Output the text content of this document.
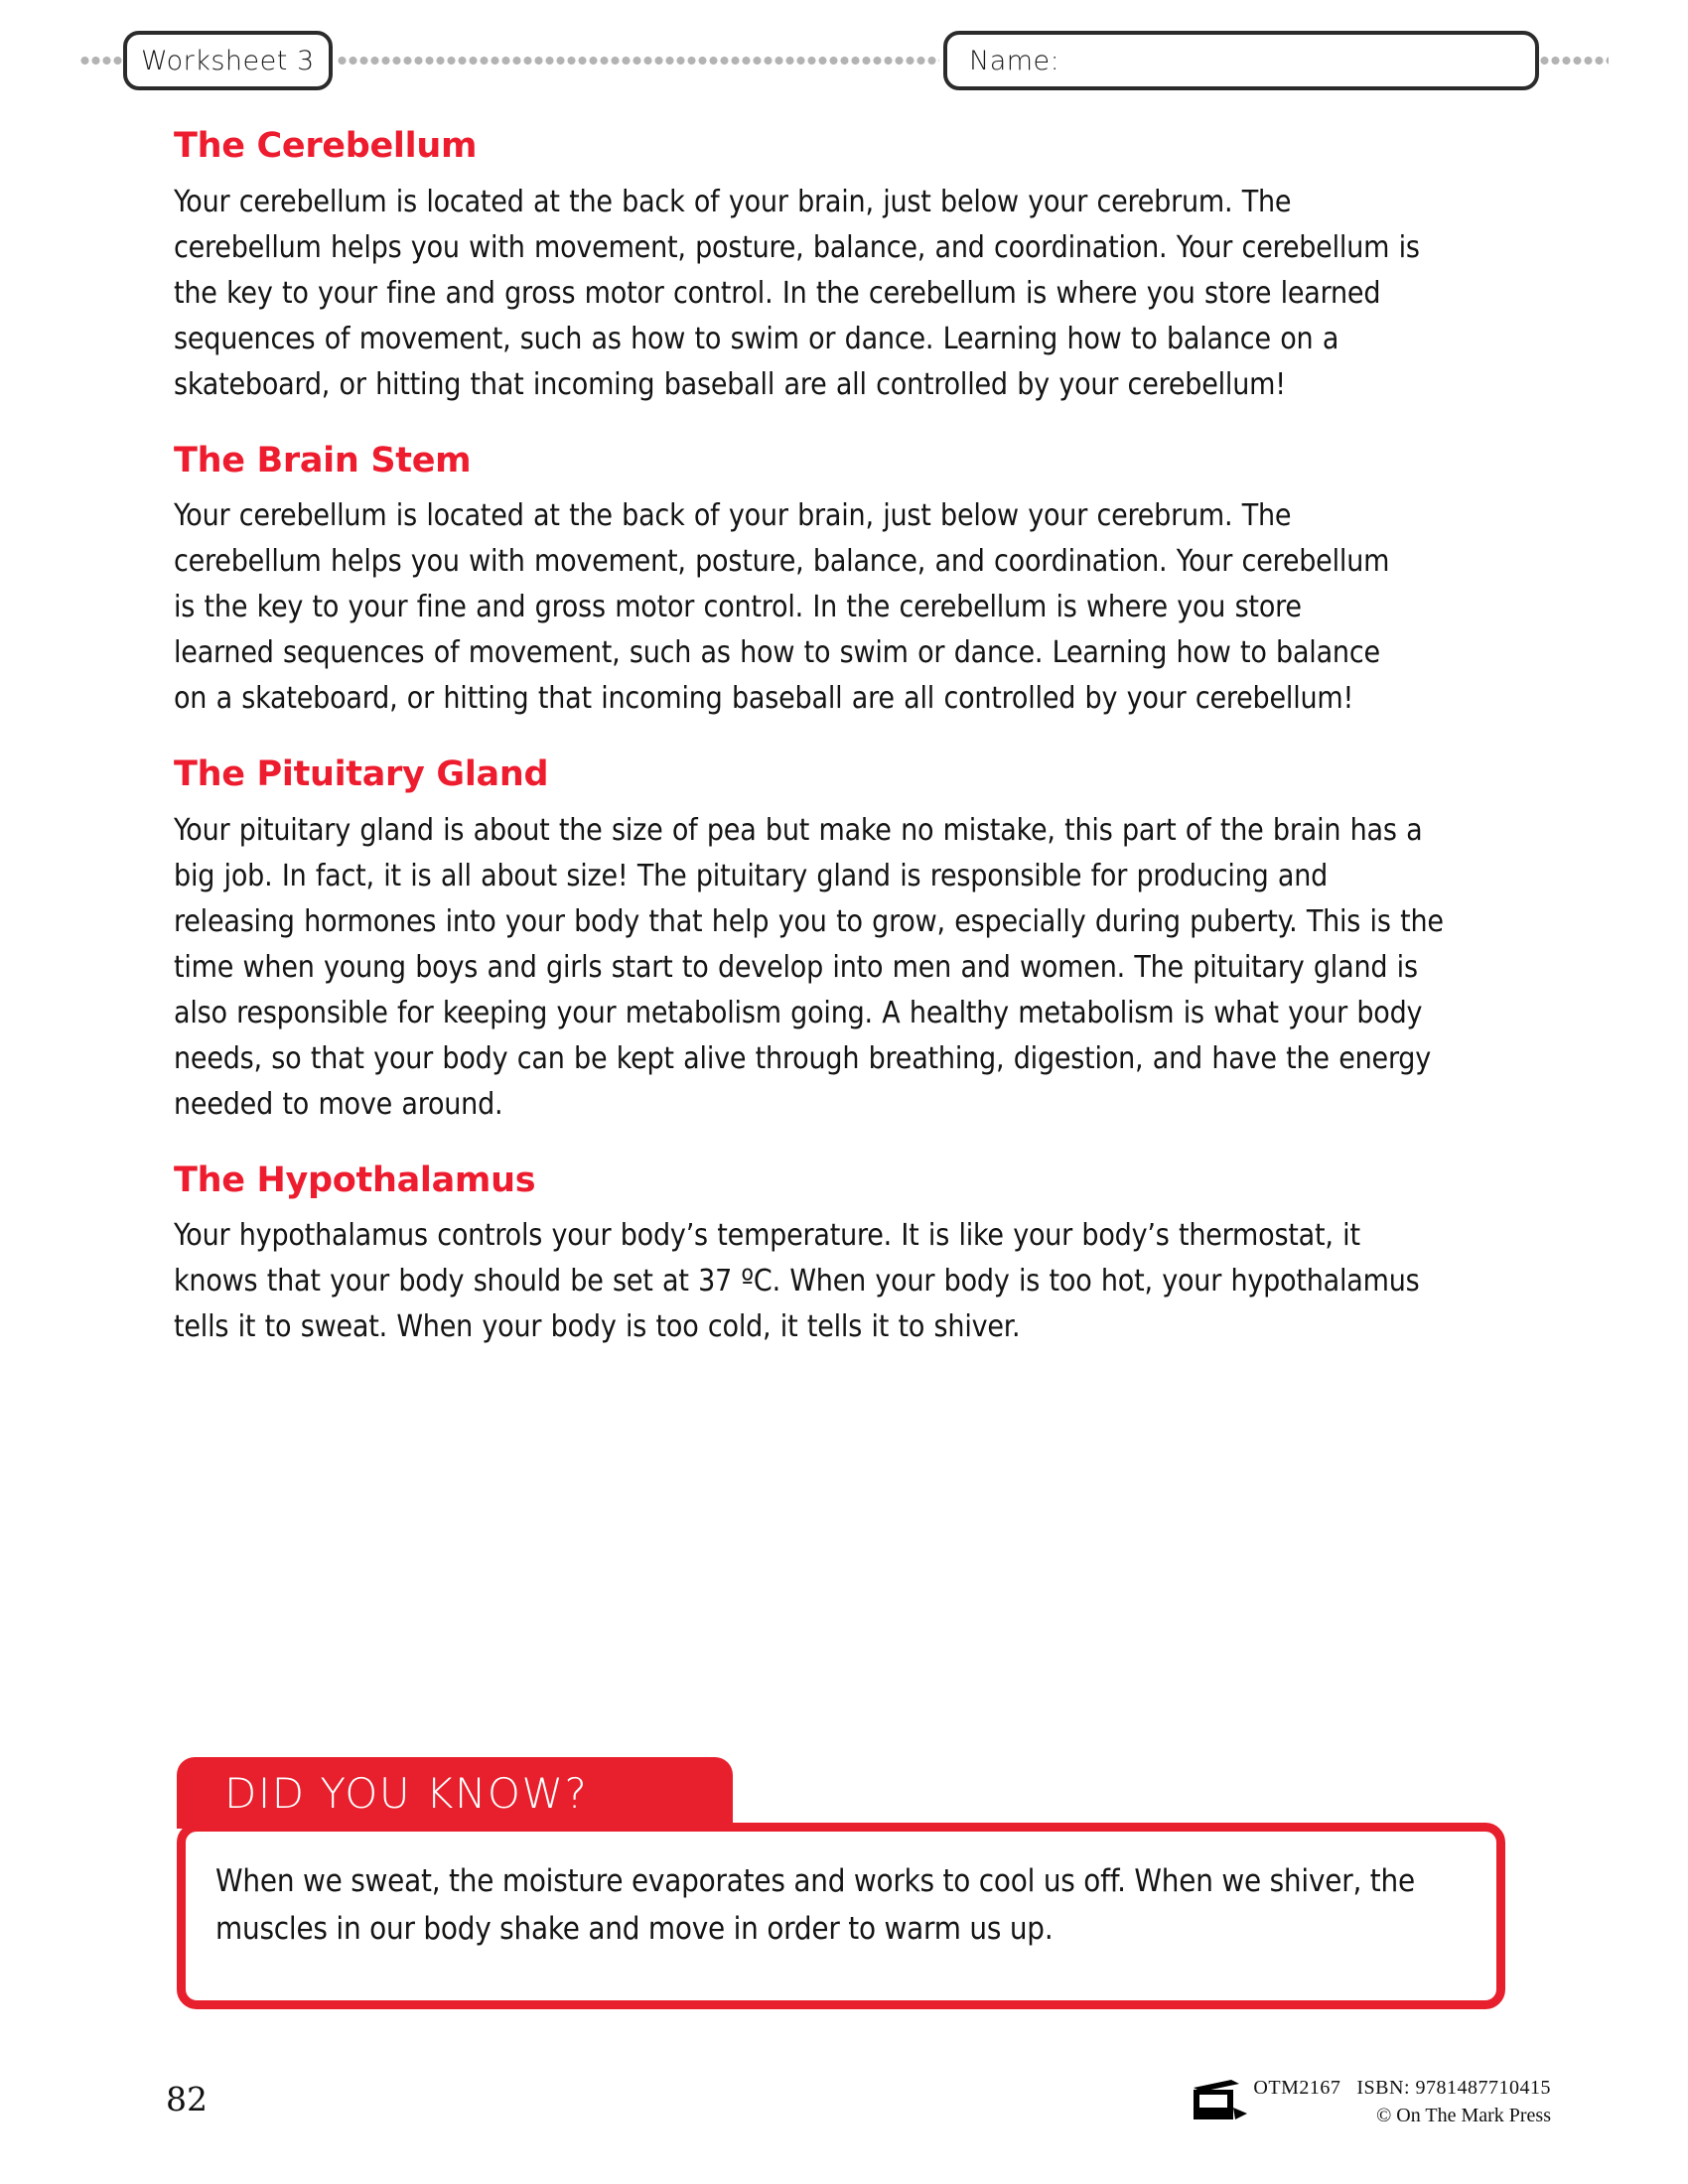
Worksheet 3	Name:
The Cerebellum

Your cerebellum is located at the back of your brain, just below your cerebrum. The cerebellum helps you with movement, posture, balance, and coordination. Your cerebellum is the key to your fine and gross motor control. In the cerebellum is where you store learned sequences of movement, such as how to swim or dance. Learning how to balance on a skateboard, or hitting that incoming baseball are all controlled by your cerebellum!

The Brain Stem

Your cerebellum is located at the back of your brain, just below your cerebrum. The cerebellum helps you with movement, posture, balance, and coordination. Your cerebellum is the key to your fine and gross motor control. In the cerebellum is where you store learned sequences of movement, such as how to swim or dance. Learning how to balance on a skateboard, or hitting that incoming baseball are all controlled by your cerebellum!

The Pituitary Gland

Your pituitary gland is about the size of pea but make no mistake, this part of the brain has a big job. In fact, it is all about size! The pituitary gland is responsible for producing and releasing hormones into your body that help you to grow, especially during puberty. This is the time when young boys and girls start to develop into men and women. The pituitary gland is also responsible for keeping your metabolism going. A healthy metabolism is what your body needs, so that your body can be kept alive through breathing, digestion, and have the energy needed to move around.

The Hypothalamus

Your hypothalamus controls your body’s temperature. It is like your body’s thermostat, it knows that your body should be set at 37 ºC. When your body is too hot, your hypothalamus tells it to sweat. When your body is too cold, it tells it to shiver.

DID YOU KNOW?

When we sweat, the moisture evaporates and works to cool us off. When we shiver, the muscles in our body shake and move in order to warm us up.

82	OTM2167 ISBN: 9781487710415
© On The Mark Press
